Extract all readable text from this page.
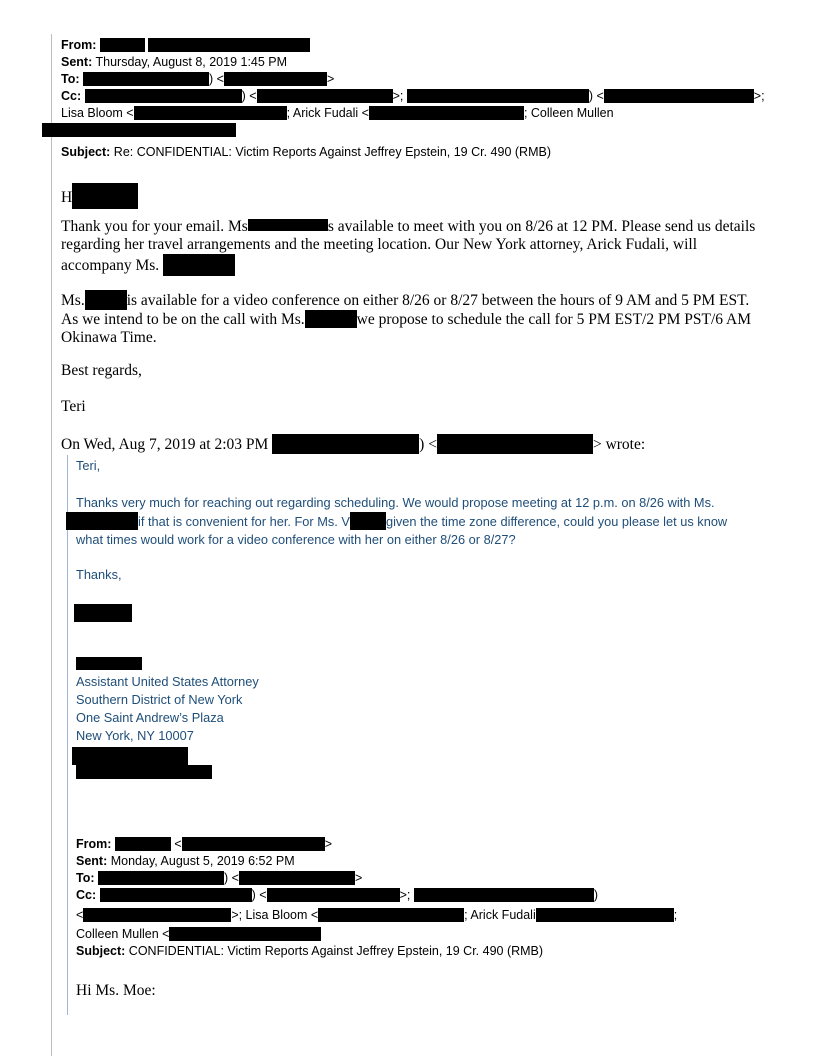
From:
Sent: Thursday, August 8, 2019 1:45 PM
To:	) <	>
Cc:	) <	>;	) <	>;
Lisa Bloom <	; Arick Fudali <	; Colleen Mullen
Subject: Re: CONFIDENTIAL: Victim Reports Against Jeffrey Epstein, 19 Cr. 490 (RMB)
H
Thank you for your email. Ms	s available to meet with you on 8/26 at 12 PM. Please send us details
regarding her travel arrangements and the meeting location. Our New York attorney, Arick Fudali, will
accompany Ms.
Ms.	is available for a video conference on either 8/26 or 8/27 between the hours of 9 AM and 5 PM EST.
As we intend to be on the call with Ms.	we propose to schedule the call for 5 PM EST/2 PM PST/6 AM
Okinawa Time.
Best regards,
Teri
On Wed, Aug 7, 2019 at 2:03 PM	) <	> wrote:
Teri,
Thanks very much for reaching out regarding scheduling. We would propose meeting at 12 p.m. on 8/26 with Ms.
if that is convenient for her. For Ms. V	given the time zone difference, could you please let us know
what times would work for a video conference with her on either 8/26 or 8/27?
Thanks,
Assistant United States Attorney
Southern District of New York
One Saint Andrew’s Plaza
New York, NY 10007
From:	<	>
Sent: Monday, August 5, 2019 6:52 PM
To:	) <	>
Cc:	) <	>;	)
<	>; Lisa Bloom <	; Arick Fudali	;
Colleen Mullen <
Subject: CONFIDENTIAL: Victim Reports Against Jeffrey Epstein, 19 Cr. 490 (RMB)
Hi Ms. Moe:
